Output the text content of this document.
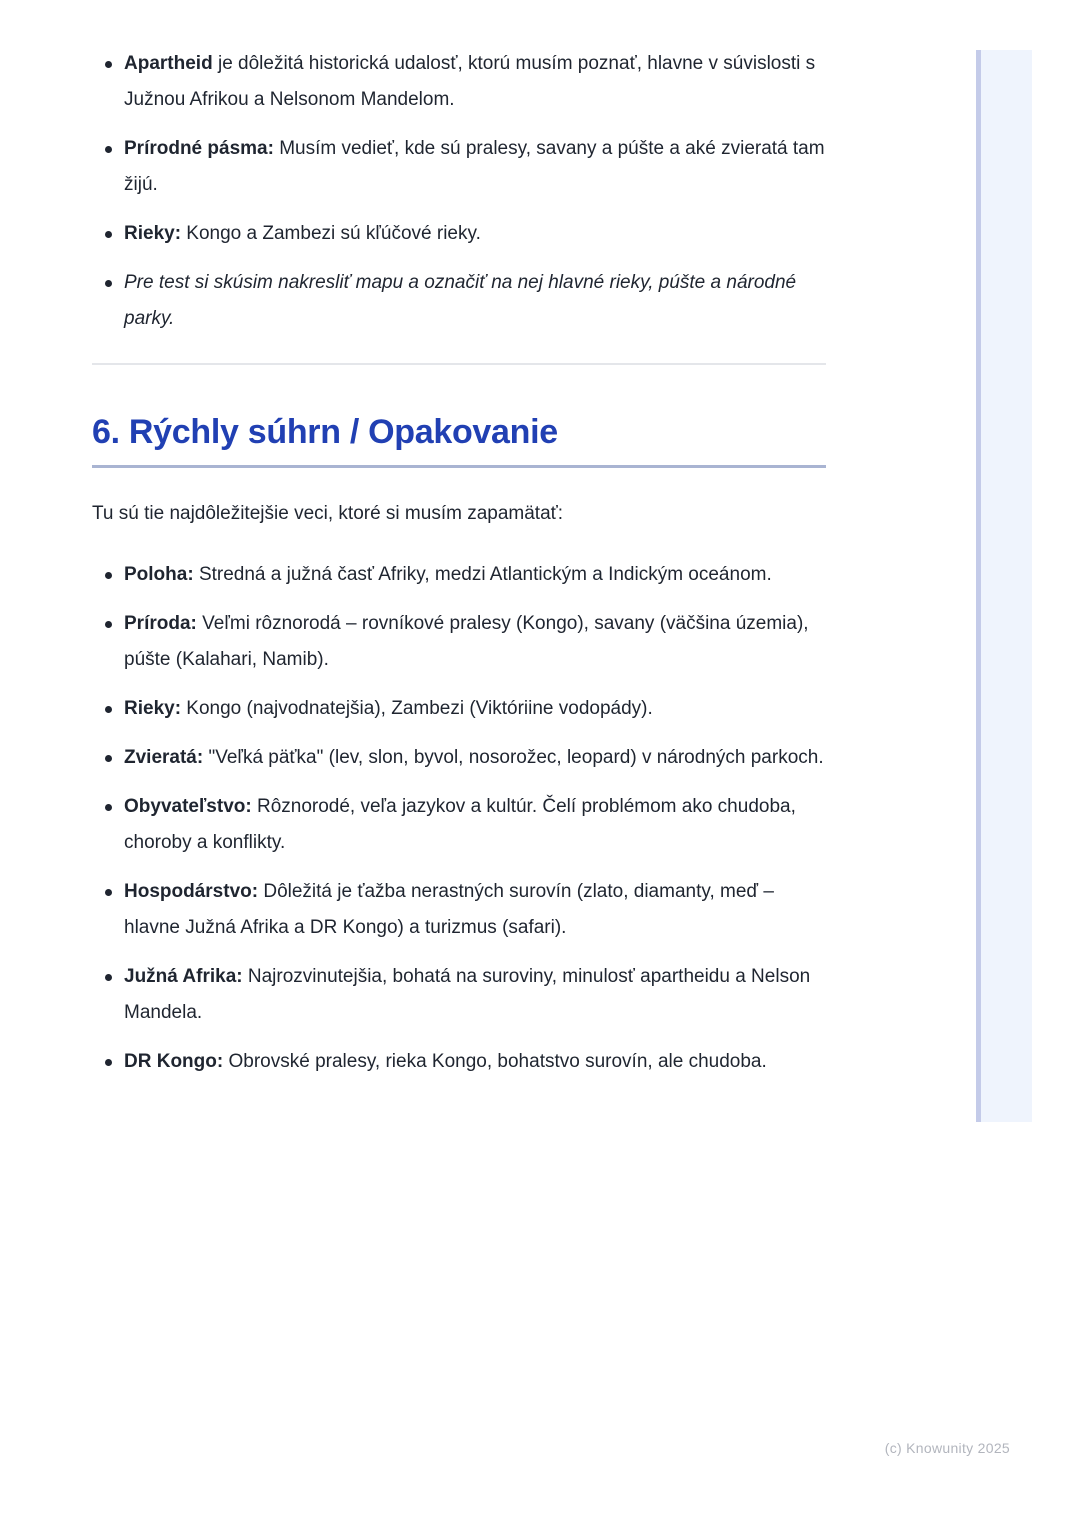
Apartheid je dôležitá historická udalosť, ktorú musím poznať, hlavne v súvislosti s Južnou Afrikou a Nelsonom Mandelom.
Prírodné pásma: Musím vedieť, kde sú pralesy, savany a púšte a aké zvieratá tam žijú.
Rieky: Kongo a Zambezi sú kľúčové rieky.
Pre test si skúsim nakresliť mapu a označiť na nej hlavné rieky, púšte a národné parky.
6. Rýchly súhrn / Opakovanie

Tu sú tie najdôležitejšie veci, ktoré si musím zapamätať:

Poloha: Stredná a južná časť Afriky, medzi Atlantickým a Indickým oceánom.
Príroda: Veľmi rôznorodá – rovníkové pralesy (Kongo), savany (väčšina územia), púšte (Kalahari, Namib).
Rieky: Kongo (najvodnatejšia), Zambezi (Viktóriine vodopády).
Zvieratá: "Veľká päťka" (lev, slon, byvol, nosorožec, leopard) v národných parkoch.
Obyvateľstvo: Rôznorodé, veľa jazykov a kultúr. Čelí problémom ako chudoba, choroby a konflikty.
Hospodárstvo: Dôležitá je ťažba nerastných surovín (zlato, diamanty, meď – hlavne Južná Afrika a DR Kongo) a turizmus (safari).
Južná Afrika: Najrozvinutejšia, bohatá na suroviny, minulosť apartheidu a Nelson Mandela.
DR Kongo: Obrovské pralesy, rieka Kongo, bohatstvo surovín, ale chudoba.
(c) Knowunity 2025
